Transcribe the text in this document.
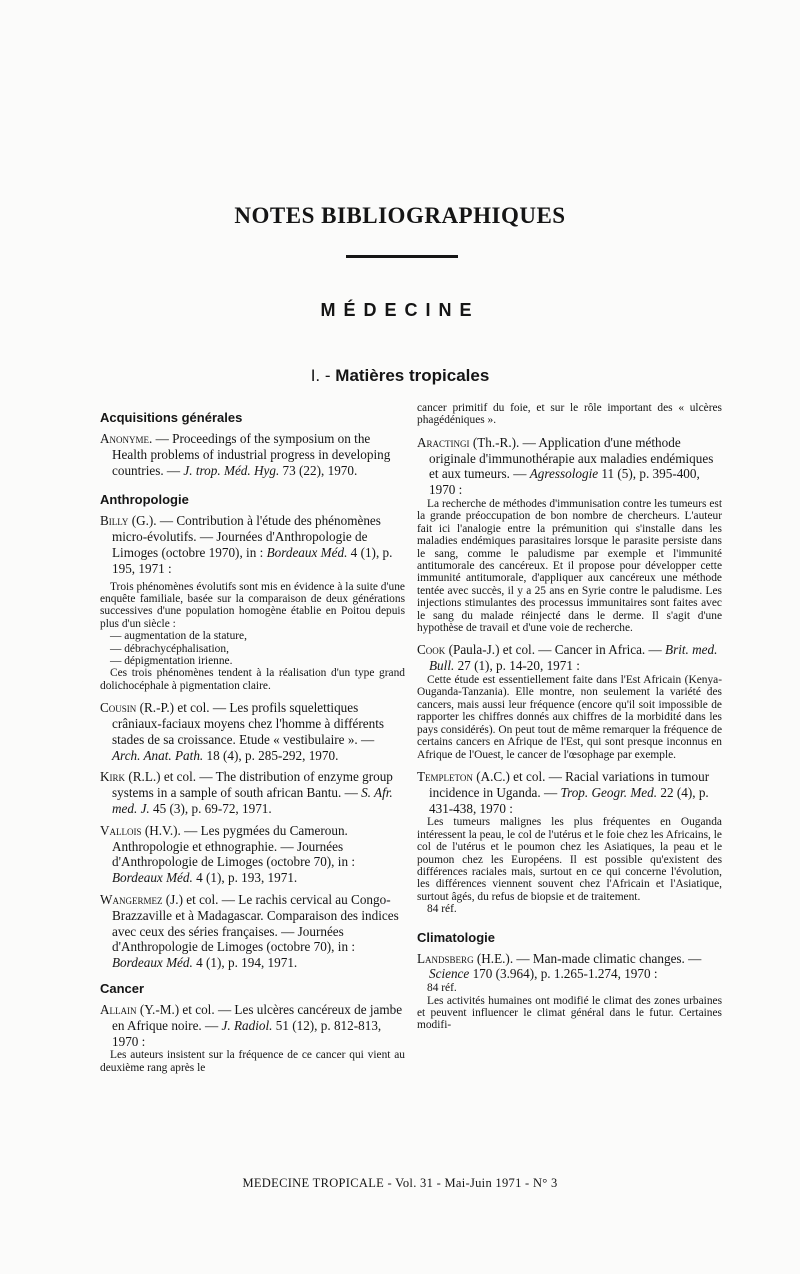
NOTES BIBLIOGRAPHIQUES
MÉDECINE
I. - Matières tropicales
Acquisitions générales

Anonyme. — Proceedings of the symposium on the Health problems of industrial progress in developing countries. — J. trop. Méd. Hyg. 73 (22), 1970.

Anthropologie

Billy (G.). — Contribution à l'étude des phénomènes micro-évolutifs. — Journées d'Anthropologie de Limoges (octobre 1970), in : Bordeaux Méd. 4 (1), p. 195, 1971 :

Trois phénomènes évolutifs sont mis en évidence à la suite d'une enquête familiale, basée sur la comparaison de deux générations successives d'une population homogène établie en Poitou depuis plus d'un siècle :

— augmentation de la stature,

— débrachycéphalisation,

— dépigmentation irienne.

Ces trois phénomènes tendent à la réalisation d'un type grand dolichocéphale à pigmentation claire.

Cousin (R.-P.) et col. — Les profils squelettiques crâniaux-faciaux moyens chez l'homme à différents stades de sa croissance. Etude « vestibulaire ». — Arch. Anat. Path. 18 (4), p. 285-292, 1970.

Kirk (R.L.) et col. — The distribution of enzyme group systems in a sample of south african Bantu. — S. Afr. med. J. 45 (3), p. 69-72, 1971.

Vallois (H.V.). — Les pygmées du Cameroun. Anthropologie et ethnographie. — Journées d'Anthropologie de Limoges (octobre 70), in : Bordeaux Méd. 4 (1), p. 193, 1971.

Wangermez (J.) et col. — Le rachis cervical au Congo-Brazzaville et à Madagascar. Comparaison des indices avec ceux des séries françaises. — Journées d'Anthropologie de Limoges (octobre 70), in : Bordeaux Méd. 4 (1), p. 194, 1971.

Cancer

Allain (Y.-M.) et col. — Les ulcères cancéreux de jambe en Afrique noire. — J. Radiol. 51 (12), p. 812-813, 1970 :

Les auteurs insistent sur la fréquence de ce cancer qui vient au deuxième rang après le

cancer primitif du foie, et sur le rôle important des « ulcères phagédéniques ».

Aractingi (Th.-R.). — Application d'une méthode originale d'immunothérapie aux maladies endémiques et aux tumeurs. — Agressologie 11 (5), p. 395-400, 1970 :

La recherche de méthodes d'immunisation contre les tumeurs est la grande préoccupation de bon nombre de chercheurs. L'auteur fait ici l'analogie entre la prémunition qui s'installe dans les maladies endémiques parasitaires lorsque le parasite persiste dans le sang, comme le paludisme par exemple et l'immunité antitumorale des cancéreux. Et il propose pour développer cette immunité antitumorale, d'appliquer aux cancéreux une méthode tentée avec succès, il y a 25 ans en Syrie contre le paludisme. Les injections stimulantes des processus immunitaires sont faites avec le sang du malade réinjecté dans le derme. Il s'agit d'une hypothèse de travail et d'une voie de recherche.

Cook (Paula-J.) et col. — Cancer in Africa. — Brit. med. Bull. 27 (1), p. 14-20, 1971 :

Cette étude est essentiellement faite dans l'Est Africain (Kenya-Ouganda-Tanzania). Elle montre, non seulement la variété des cancers, mais aussi leur fréquence (encore qu'il soit impossible de rapporter les chiffres donnés aux chiffres de la morbidité dans les pays considérés). On peut tout de même remarquer la fréquence de certains cancers en Afrique de l'Est, qui sont presque inconnus en Afrique de l'Ouest, le cancer de l'œsophage par exemple.

Templeton (A.C.) et col. — Racial variations in tumour incidence in Uganda. — Trop. Geogr. Med. 22 (4), p. 431-438, 1970 :

Les tumeurs malignes les plus fréquentes en Ouganda intéressent la peau, le col de l'utérus et le foie chez les Africains, le col de l'utérus et le poumon chez les Asiatiques, la peau et le poumon chez les Européens. Il est possible qu'existent des différences raciales mais, surtout en ce qui concerne l'évolution, les différences viennent souvent chez l'Africain et l'Asiatique, surtout âgés, du refus de biopsie et de traitement.

84 réf.

Climatologie

Landsberg (H.E.). — Man-made climatic changes. — Science 170 (3.964), p. 1.265-1.274, 1970 :

84 réf.

Les activités humaines ont modifié le climat des zones urbaines et peuvent influencer le climat général dans le futur. Certaines modifi-

MEDECINE TROPICALE - Vol. 31 - Mai-Juin 1971 - N° 3
